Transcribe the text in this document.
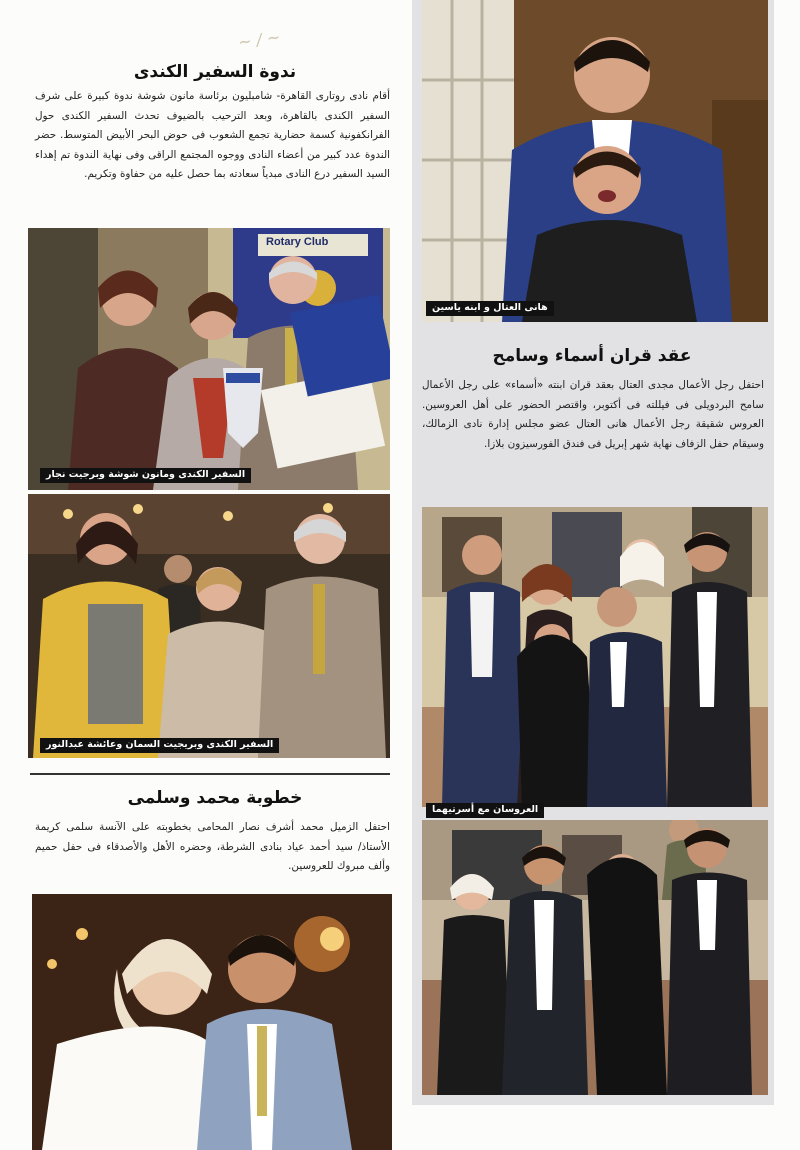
~ / ~
ندوة السفير الكندى
أقام نادى روتارى القاهرة- شامبليون برئاسة مانون شوشة ندوة كبيرة على شرف السفير الكندى بالقاهرة، وبعد الترحيب بالضيوف تحدث السفير الكندى حول الفرانكفونية كسمة حضارية تجمع الشعوب فى حوض البحر الأبيض المتوسط. حضر الندوة عدد كبير من أعضاء النادى ووجوه المجتمع الراقى وفى نهاية الندوة تم إهداء السيد السفير درع النادى مبدياً سعادته بما حصل عليه من حفاوة وتكريم.
Rotary Club
السفير الكندى ومانون شوشة وبرجيت نجار
السفير الكندى وبريجيت السمان وعائشة عبدالنور
خطوبة محمد وسلمى
احتفل الزميل محمد أشرف نصار المحامى بخطوبته على الآنسة سلمى كريمة الأستاذ/ سيد أحمد عياد بنادى الشرطة، وحضره الأهل والأصدقاء فى حفل حميم وألف مبروك للعروسين.
هانى العتال و ابنه ياسين
عقد قران أسماء وسامح
احتفل رجل الأعمال مجدى العتال بعقد قران ابنته «أسماء» على رجل الأعمال سامح البردويلى فى فيللته فى أكتوبر، واقتصر الحضور على أهل العروسين. العروس شقيقة رجل الأعمال هانى العتال عضو مجلس إدارة نادى الزمالك، وسيقام حفل الزفاف نهاية شهر إبريل فى فندق الفورسيزون بلازا.
العروسان مع أسرتيهما
